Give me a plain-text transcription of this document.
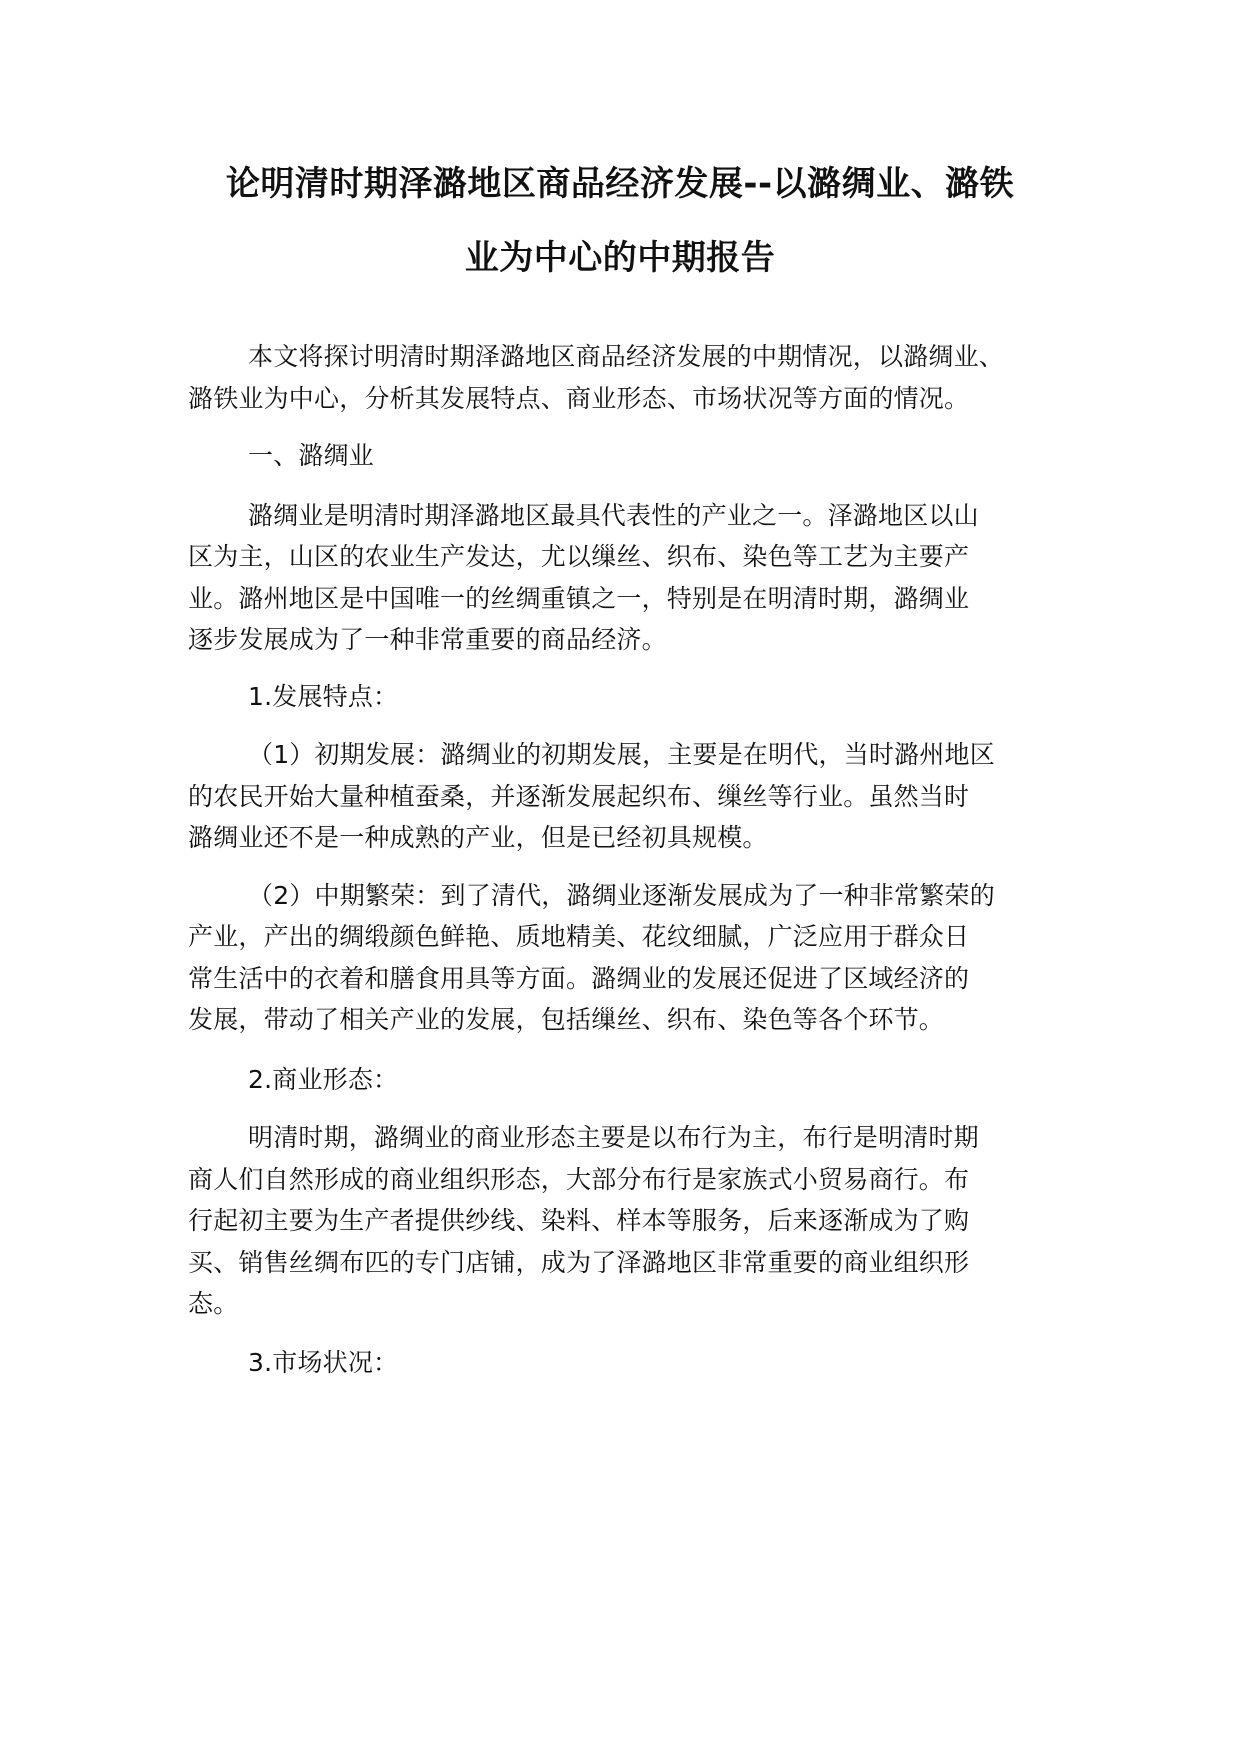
论明清时期泽潞地区商品经济发展--以潞绸业、潞铁
业为中心的中期报告
本文将探讨明清时期泽潞地区商品经济发展的中期情况，以潞绸业、
潞铁业为中心，分析其发展特点、商业形态、市场状况等方面的情况。
一、潞绸业
潞绸业是明清时期泽潞地区最具代表性的产业之一。泽潞地区以山
区为主，山区的农业生产发达，尤以缫丝、织布、染色等工艺为主要产
业。潞州地区是中国唯一的丝绸重镇之一，特别是在明清时期，潞绸业
逐步发展成为了一种非常重要的商品经济。
1.发展特点：
（1）初期发展：潞绸业的初期发展，主要是在明代，当时潞州地区
的农民开始大量种植蚕桑，并逐渐发展起织布、缫丝等行业。虽然当时
潞绸业还不是一种成熟的产业，但是已经初具规模。
（2）中期繁荣：到了清代，潞绸业逐渐发展成为了一种非常繁荣的
产业，产出的绸缎颜色鲜艳、质地精美、花纹细腻，广泛应用于群众日
常生活中的衣着和膳食用具等方面。潞绸业的发展还促进了区域经济的
发展，带动了相关产业的发展，包括缫丝、织布、染色等各个环节。
2.商业形态：
明清时期，潞绸业的商业形态主要是以布行为主，布行是明清时期
商人们自然形成的商业组织形态，大部分布行是家族式小贸易商行。布
行起初主要为生产者提供纱线、染料、样本等服务，后来逐渐成为了购
买、销售丝绸布匹的专门店铺，成为了泽潞地区非常重要的商业组织形
态。
3.市场状况：
